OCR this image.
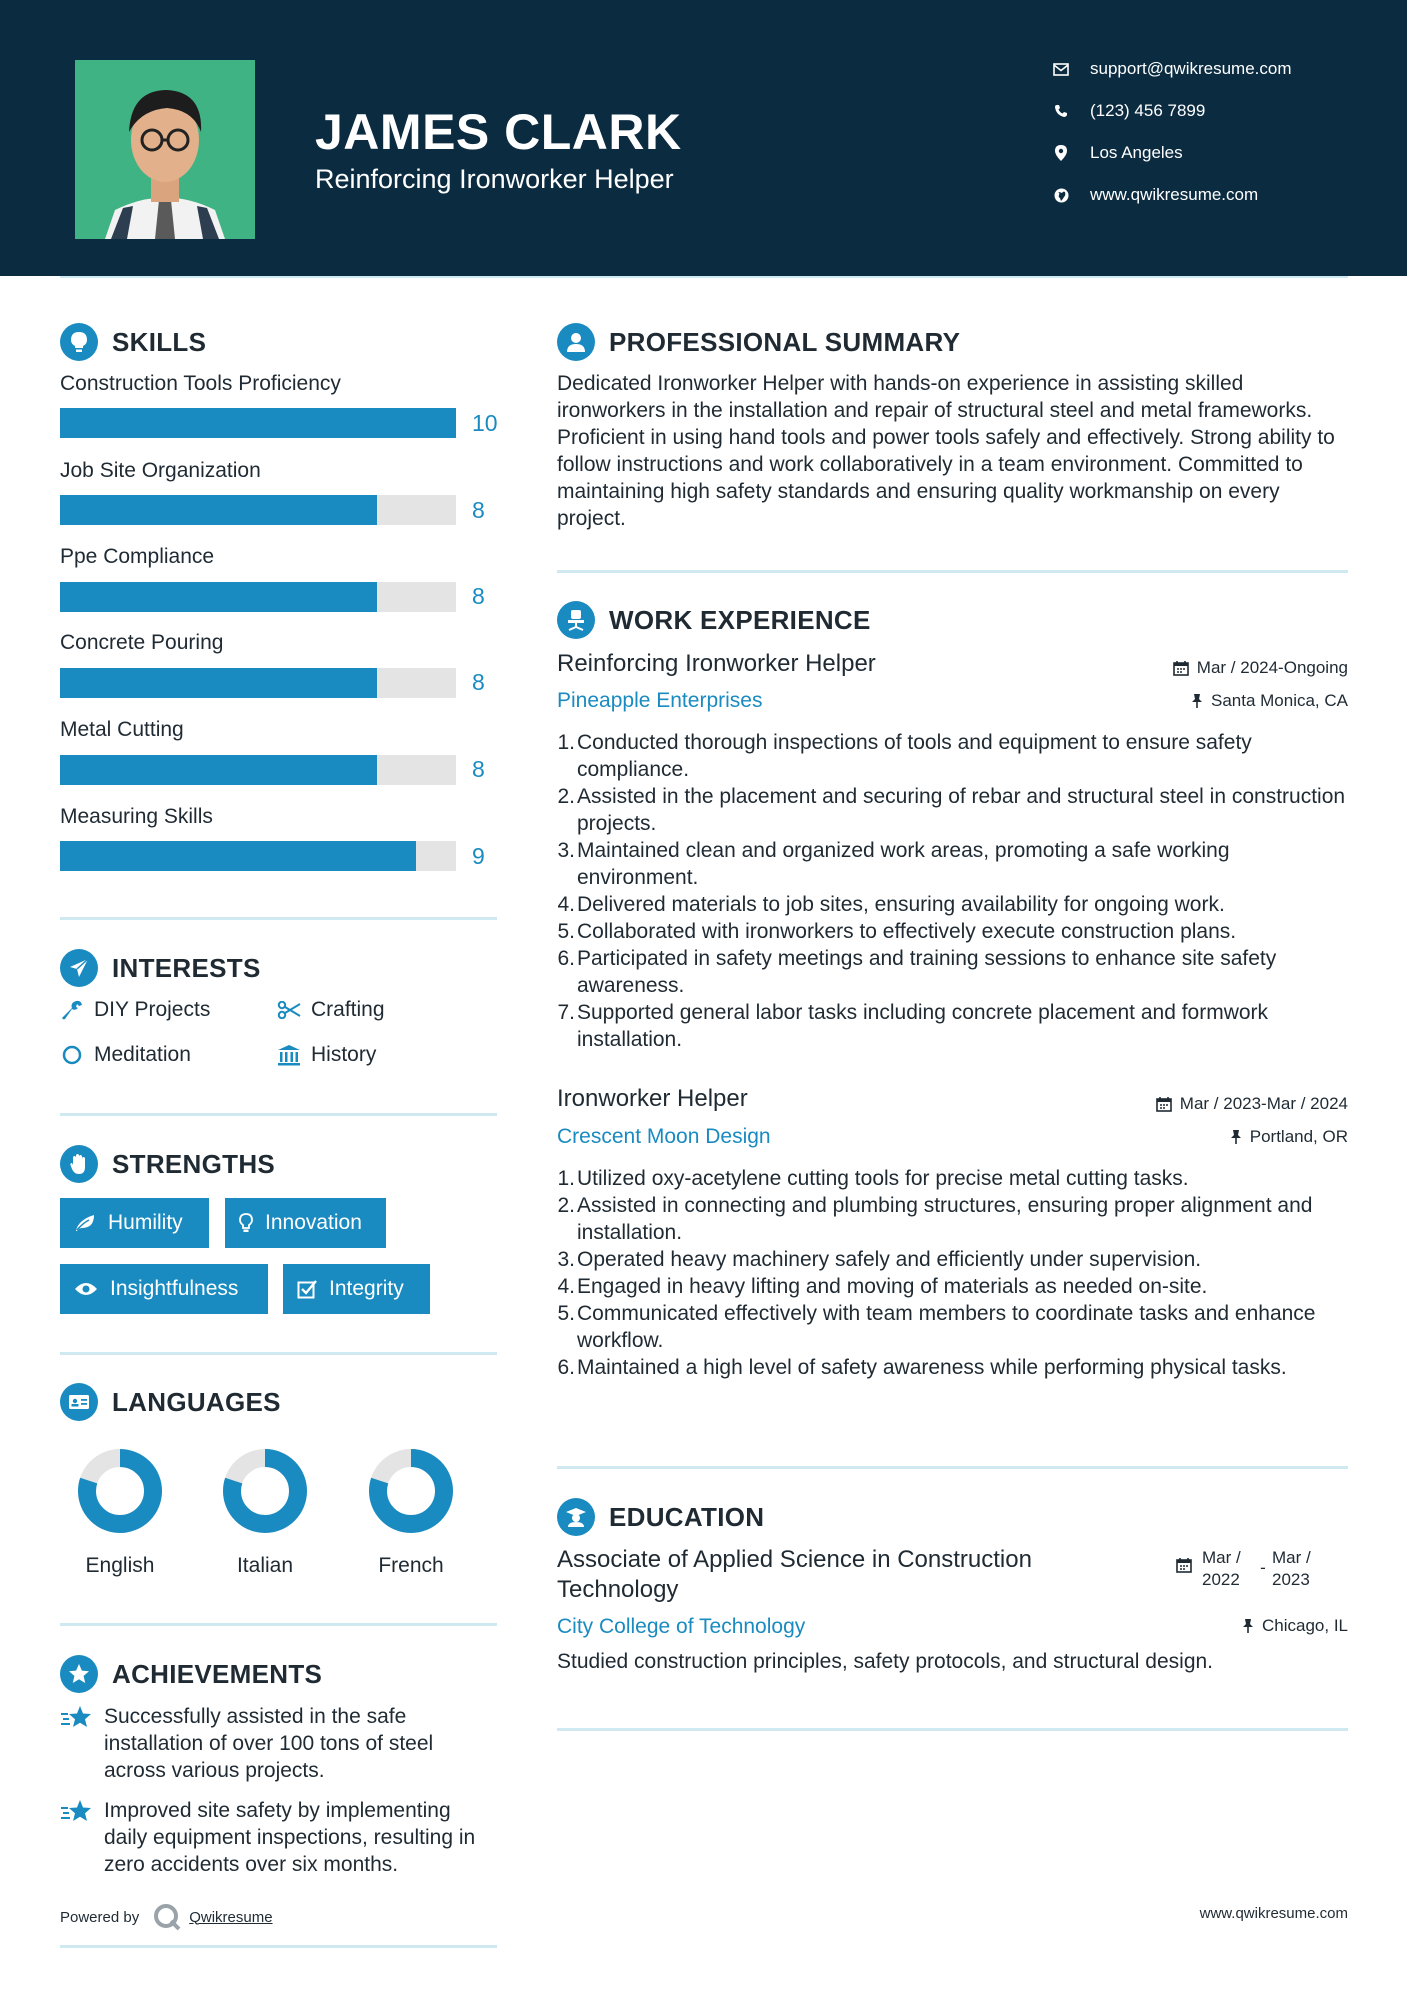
JAMES CLARK
Reinforcing Ironworker Helper
support@qwikresume.com
(123) 456 7899
Los Angeles
www.qwikresume.com
SKILLS
Construction Tools Proficiency
10
Job Site Organization
8
Ppe Compliance
8
Concrete Pouring
8
Metal Cutting
8
Measuring Skills
9
INTERESTS
DIY Projects	Crafting
Meditation	History
STRENGTHS
Humility	Innovation
Insightfulness	Integrity
LANGUAGES
English	Italian	French
ACHIEVEMENTS

Successfully assisted in the safe installation of over 100 tons of steel across various projects.

Improved site safety by implementing daily equipment inspections, resulting in zero accidents over six months.

PROFESSIONAL SUMMARY

Dedicated Ironworker Helper with hands-on experience in assisting skilled ironworkers in the installation and repair of structural steel and metal frameworks. Proficient in using hand tools and power tools safely and effectively. Strong ability to follow instructions and work collaboratively in a team environment. Committed to maintaining high safety standards and ensuring quality workmanship on every project.

WORK EXPERIENCE
Reinforcing Ironworker Helper	Mar / 2024-Ongoing
Pineapple Enterprises	Santa Monica, CA
1. Conducted thorough inspections of tools and equipment to ensure safety compliance.
2. Assisted in the placement and securing of rebar and structural steel in construction projects.
3. Maintained clean and organized work areas, promoting a safe working environment.
4. Delivered materials to job sites, ensuring availability for ongoing work.
5. Collaborated with ironworkers to effectively execute construction plans.
6. Participated in safety meetings and training sessions to enhance site safety awareness.
7. Supported general labor tasks including concrete placement and formwork installation.
Ironworker Helper	Mar / 2023-Mar / 2024
Crescent Moon Design	Portland, OR
1. Utilized oxy-acetylene cutting tools for precise metal cutting tasks.
2. Assisted in connecting and plumbing structures, ensuring proper alignment and installation.
3. Operated heavy machinery safely and efficiently under supervision.
4. Engaged in heavy lifting and moving of materials as needed on-site.
5. Communicated effectively with team members to coordinate tasks and enhance workflow.
6. Maintained a high level of safety awareness while performing physical tasks.
EDUCATION
Associate of Applied Science in Construction Technology
Mar / 2022
-
Mar / 2023
City College of Technology	Chicago, IL

Studied construction principles, safety protocols, and structural design.

Powered by	Qwikresume	www.qwikresume.com
